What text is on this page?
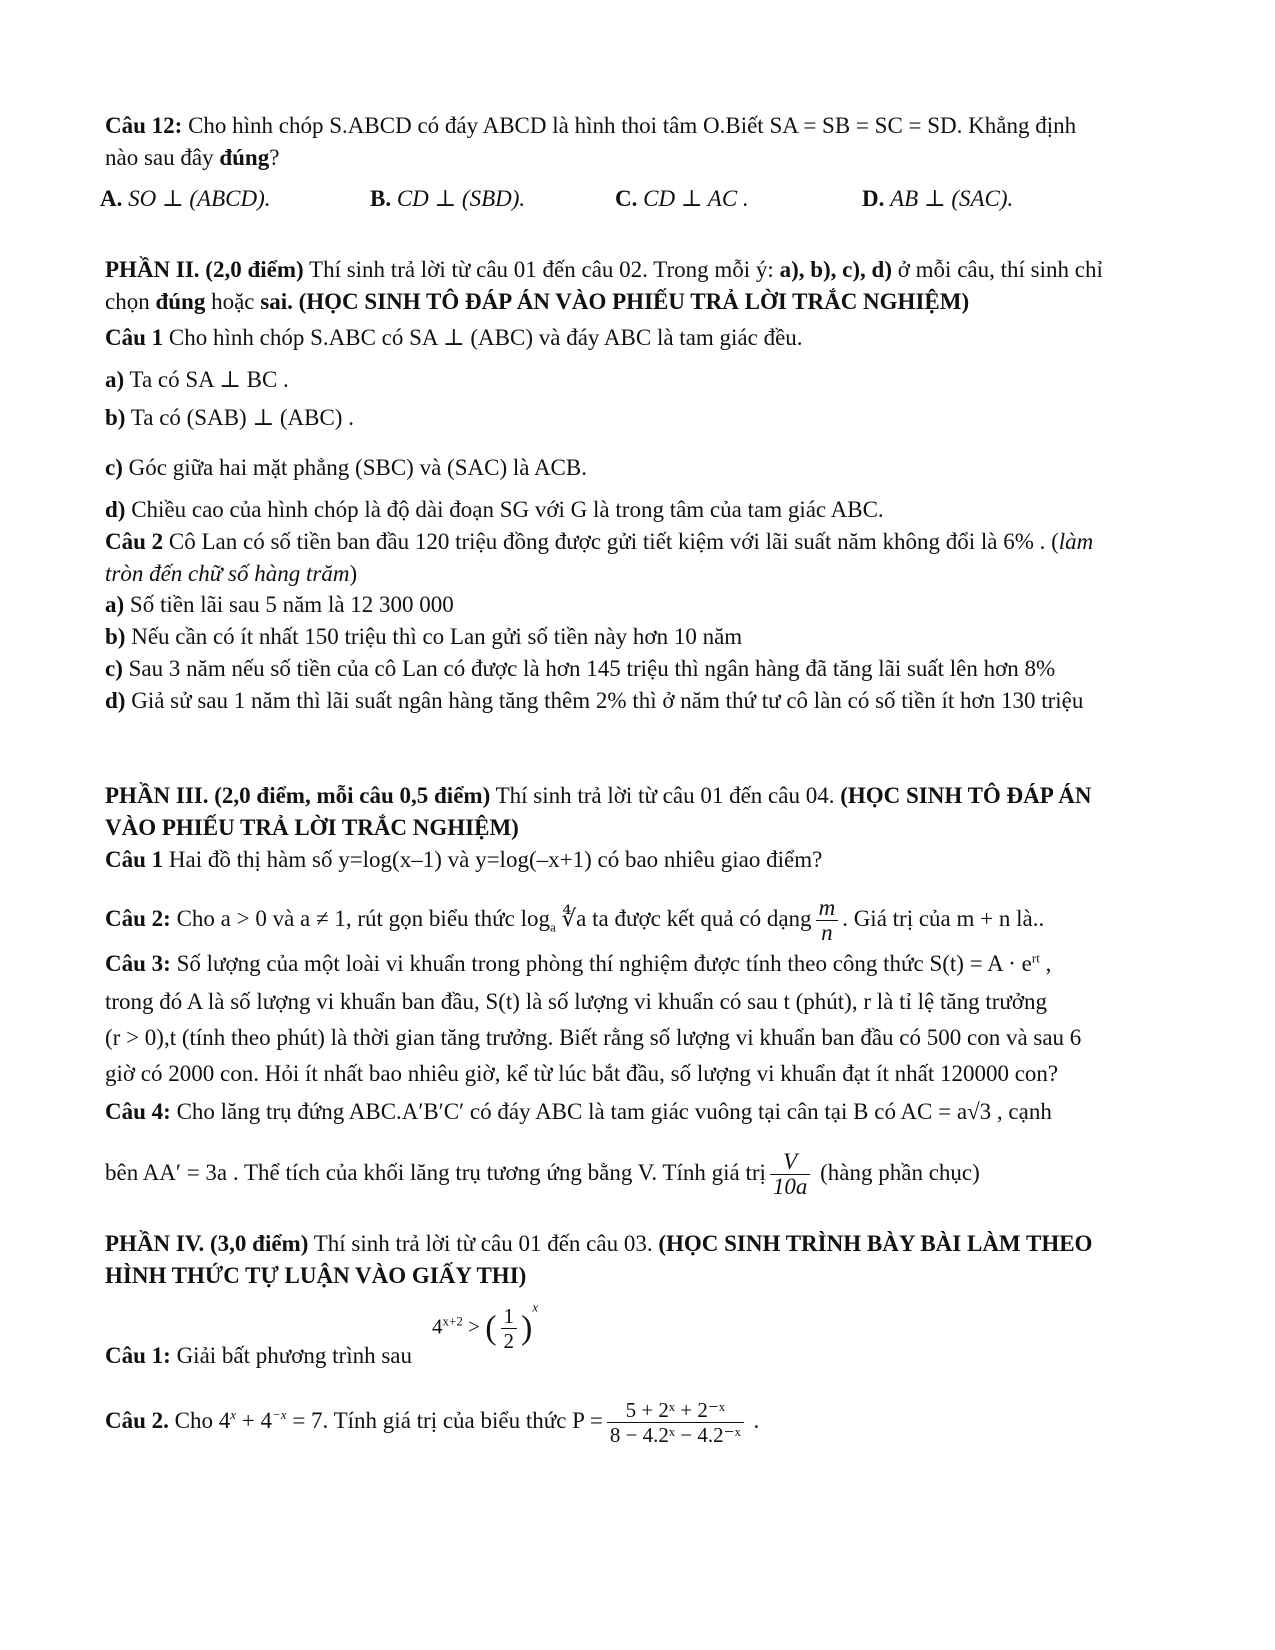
Câu 12: Cho hình chóp S.ABCD có đáy ABCD là hình thoi tâm O.Biết SA = SB = SC = SD. Khẳng định
nào sau đây đúng?
A. SO ⊥ (ABCD).	B. CD ⊥ (SBD).	C. CD ⊥ AC .	D. AB ⊥ (SAC).
PHẦN II. (2,0 điểm) Thí sinh trả lời từ câu 01 đến câu 02. Trong mỗi ý: a), b), c), d) ở mỗi câu, thí sinh chỉ
chọn đúng hoặc sai. (HỌC SINH TÔ ĐÁP ÁN VÀO PHIẾU TRẢ LỜI TRẮC NGHIỆM)
Câu 1 Cho hình chóp S.ABC có SA ⊥ (ABC) và đáy ABC là tam giác đều.
a) Ta có SA ⊥ BC .
b) Ta có (SAB) ⊥ (ABC) .
c) Góc giữa hai mặt phẳng (SBC) và (SAC) là ACB.
d) Chiều cao của hình chóp là độ dài đoạn SG với G là trong tâm của tam giác ABC.
Câu 2 Cô Lan có số tiền ban đầu 120 triệu đồng được gửi tiết kiệm với lãi suất năm không đổi là 6% . (làm
tròn đến chữ số hàng trăm)
a) Số tiền lãi sau 5 năm là 12 300 000
b) Nếu cần có ít nhất 150 triệu thì co Lan gửi số tiền này hơn 10 năm
c) Sau 3 năm nếu số tiền của cô Lan có được là hơn 145 triệu thì ngân hàng đã tăng lãi suất lên hơn 8%
d) Giả sử sau 1 năm thì lãi suất ngân hàng tăng thêm 2% thì ở năm thứ tư cô làn có số tiền ít hơn 130 triệu
PHẦN III. (2,0 điểm, mỗi câu 0,5 điểm) Thí sinh trả lời từ câu 01 đến câu 04. (HỌC SINH TÔ ĐÁP ÁN
VÀO PHIẾU TRẢ LỜI TRẮC NGHIỆM)
Câu 1 Hai đồ thị hàm số y=log(x–1) và y=log(–x+1) có bao nhiêu giao điểm?
Câu 2: Cho a > 0 và a ≠ 1, rút gọn biểu thức $\log_a$ ∜a ta được kết quả có dạng $\frac{m}{n}$ . Giá trị của m + n là..
Câu 3: Số lượng của một loài vi khuẩn trong phòng thí nghiệm được tính theo công thức $S(t) = A \cdot e^{rt}$ ,
trong đó A là số lượng vi khuẩn ban đầu, S(t) là số lượng vi khuẩn có sau t (phút), r là tỉ lệ tăng trưởng
(r > 0),t (tính theo phút) là thời gian tăng trưởng. Biết rằng số lượng vi khuẩn ban đầu có 500 con và sau 6
giờ có 2000 con. Hỏi ít nhất bao nhiêu giờ, kể từ lúc bắt đầu, số lượng vi khuẩn đạt ít nhất 120000 con?
Câu 4: Cho lăng trụ đứng ABC.A′B′C′ có đáy ABC là tam giác vuông tại cân tại B có AC = a√3 , cạnh
bên AA′ = 3a . Thể tích của khối lăng trụ tương ứng bằng V. Tính giá trị $\frac{V}{10a}$ (hàng phần chục)
PHẦN IV. (3,0 điểm) Thí sinh trả lời từ câu 01 đến câu 03. (HỌC SINH TRÌNH BÀY BÀI LÀM THEO
HÌNH THỨC TỰ LUẬN VÀO GIẤY THI)
Câu 1: Giải bất phương trình sau
$4^{x+2}$ > ( $\frac{1}{2} )^x$
Câu 2. Cho $4^x + 4^{-x} = 7$. Tính giá trị của biểu thức $P = \frac{\text{5 + 2ˣ + 2⁻ˣ}}{\text{8 − 4.2ˣ − 4.2⁻ˣ}}$ .
